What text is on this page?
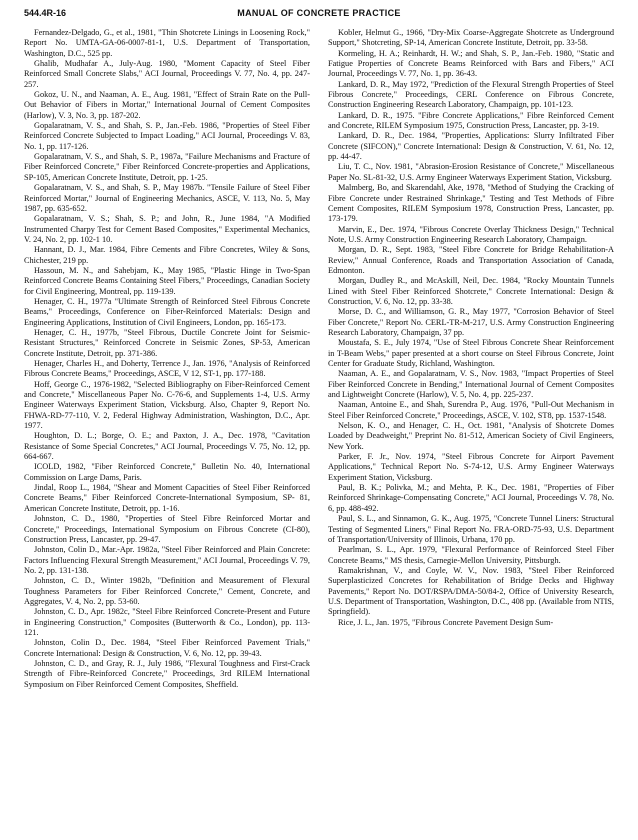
544.4R-16	MANUAL OF CONCRETE PRACTICE

Fernandez-Delgado, G., et al., 1981, "Thin Shotcrete Linings in Loosening Rock," Report No. UMTA-GA-06-0007-81-1, U.S. Department of Transportation, Washington, D.C., 525 pp.

Ghalib, Mudhafar A., July-Aug. 1980, "Moment Capacity of Steel Fiber Reinforced Small Concrete Slabs," ACI Journal, Proceedings V. 77, No. 4, pp. 247-257.

Gokoz, U. N., and Naaman, A. E., Aug. 1981, "Effect of Strain Rate on the Pull-Out Behavior of Fibers in Mortar," International Journal of Cement Composites (Harlow), V. 3, No. 3, pp. 187-202.

Gopalaratnam, V. S., and Shah, S. P., Jan.-Feb. 1986, "Properties of Steel Fiber Reinforced Concrete Subjected to Impact Loading," ACI Journal, Proceedings V. 83, No. 1, pp. 117-126.

Gopalaratnam, V. S., and Shah, S. P., 1987a, "Failure Mechanisms and Fracture of Fiber Reinforced Concrete," Fiber Reinforced Concrete-properties and Applications, SP-105, American Concrete Institute, Detroit, pp. 1-25.

Gopalaratnam, V. S., and Shah, S. P., May 1987b. "Tensile Failure of Steel Fiber Reinforced Mortar," Journal of Engineering Mechanics, ASCE, V. 113, No. 5, May 1987, pp. 635-652.

Gopalaratnam, V. S.; Shah, S. P.; and John, R., June 1984, "A Modified Instrumented Charpy Test for Cement Based Composites," Experimental Mechanics, V. 24, No. 2, pp. 102-1 10.

Hannant, D. J., Mar. 1984, Fibre Cements and Fibre Concretes, Wiley & Sons, Chichester, 219 pp.

Hassoun, M. N., and Sahebjam, K., May 1985, "Plastic Hinge in Two-Span Reinforced Concrete Beams Containing Steel Fibers," Proceedings, Canadian Society for Civil Engineering, Montreal, pp. 119-139.

Henager, C. H., 1977a "Ultimate Strength of Reinforced Steel Fibrous Concrete Beams," Proceedings, Conference on Fiber-Reinforced Materials: Design and Engineering Applications, Institution of Civil Engineers, London, pp. 165-173.

Henager, C. H., 1977b, "Steel Fibrous, Ductile Concrete Joint for Seismic-Resistant Structures," Reinforced Concrete in Seismic Zones, SP-53, American Concrete Institute, Detroit, pp. 371-386.

Henager, Charles H., and Doherty, Terrence J., Jan. 1976, "Analysis of Reinforced Fibrous Concrete Beams," Proceedings, ASCE, V 12, ST-1, pp. 177-188.

Hoff, George C., 1976-1982, "Selected Bibliography on Fiber-Reinforced Cement and Concrete," Miscellaneous Paper No. C-76-6, and Supplements 1-4, U.S. Army Engineer Waterways Experiment Station, Vicksburg. Also, Chapter 9, Report No. FHWA-RD-77-110, V. 2, Federal Highway Administration, Washington, D.C., Apr. 1977.

Houghton, D. L.; Borge, O. E.; and Paxton, J. A., Dec. 1978, "Cavitation Resistance of Some Special Concretes," ACI Journal, Proceedings V. 75, No. 12, pp. 664-667.

ICOLD, 1982, "Fiber Reinforced Concrete," Bulletin No. 40, International Commission on Large Dams, Paris.

Jindal, Roop L., 1984, "Shear and Moment Capacities of Steel Fiber Reinforced Concrete Beams," Fiber Reinforced Concrete-International Symposium, SP- 81, American Concrete Institute, Detroit, pp. 1-16.

Johnston, C. D., 1980, "Properties of Steel Fibre Reinforced Mortar and Concrete," Proceedings, International Symposium on Fibrous Concrete (CI-80), Construction Press, Lancaster, pp. 29-47.

Johnston, Colin D., Mar.-Apr. 1982a, "Steel Fiber Reinforced and Plain Concrete: Factors Influencing Flexural Strength Measurement," ACI Journal, Proceedings V. 79, No. 2, pp. 131-138.

Johnston, C. D., Winter 1982b, "Definition and Measurement of Flexural Toughness Parameters for Fiber Reinforced Concrete," Cement, Concrete, and Aggregates, V. 4, No. 2, pp. 53-60.

Johnston, C. D., Apr. 1982c, "Steel Fibre Reinforced Concrete-Present and Future in Engineering Construction," Composites (Butterworth & Co., London), pp. 113-121.

Johnston, Colin D., Dec. 1984, "Steel Fiber Reinforced Pavement Trials," Concrete International: Design & Construction, V. 6, No. 12, pp. 39-43.

Johnston, C. D., and Gray, R. J., July 1986, "Flexural Toughness and First-Crack Strength of Fibre-Reinforced Concrete," Proceedings, 3rd RILEM International Symposium on Fiber Reinforced Cement Composites, Sheffield.

Kobler, Helmut G., 1966, "Dry-Mix Coarse-Aggregate Shotcrete as Underground Support," Shotcreting, SP-14, American Concrete Institute, Detroit, pp. 33-58.

Kormeling, H. A.; Reinhardt, H. W.; and Shah, S. P., Jan.-Feb. 1980, "Static and Fatigue Properties of Concrete Beams Reinforced with Bars and Fibers," ACI Journal, Proceedings V. 77, No. 1, pp. 36-43.

Lankard, D. R., May 1972, "Prediction of the Flexural Strength Properties of Steel Fibrous Concrete," Proceedings, CERL Conference on Fibrous Concrete, Construction Engineering Research Laboratory, Champaign, pp. 101-123.

Lankard, D. R., 1975. "Fibre Concrete Applications," Fibre Reinforced Cement and Concrete, RILEM Symposium 1975, Construction Press, Lancaster, pp. 3-19.

Lankard, D. R., Dec. 1984, "Properties, Applications: Slurry Infiltrated Fiber Concrete (SIFCON)," Concrete International: Design & Construction, V. 61, No. 12, pp. 44-47.

Liu, T. C., Nov. 1981, "Abrasion-Erosion Resistance of Concrete," Miscellaneous Paper No. SL-81-32, U.S. Army Engineer Waterways Experiment Station, Vicksburg.

Malmberg, Bo, and Skarendahl, Ake, 1978, "Method of Studying the Cracking of Fibre Concrete under Restrained Shrinkage," Testing and Test Methods of Fibre Cement Composites, RILEM Symposium 1978, Construction Press, Lancaster, pp. 173-179.

Marvin, E., Dec. 1974, "Fibrous Concrete Overlay Thickness Design," Technical Note, U.S. Army Construction Engineering Research Laboratory, Champaign.

Morgan, D. R., Sept. 1983, "Steel Fibre Concrete for Bridge Rehabilitation-A Review," Annual Conference, Roads and Transportation Association of Canada, Edmonton.

Morgan, Dudley R., and McAskill, Neil, Dec. 1984, "Rocky Mountain Tunnels Lined with Steel Fiber Reinforced Shotcrete," Concrete International: Design & Construction, V. 6, No. 12, pp. 33-38.

Morse, D. C., and Williamson, G. R., May 1977, "Corrosion Behavior of Steel Fiber Concrete," Report No. CERL-TR-M-217, U.S. Army Construction Engineering Research Laboratory, Champaign, 37 pp.

Moustafa, S. E., July 1974, "Use of Steel Fibrous Concrete Shear Reinforcement in T-Beam Webs," paper presented at a short course on Steel Fibrous Concrete, Joint Center for Graduate Study, Richland, Washington.

Naaman, A. E., and Gopalaratnam, V. S., Nov. 1983, "Impact Properties of Steel Fiber Reinforced Concrete in Bending," International Journal of Cement Composites and Lightweight Concrete (Harlow), V. 5, No. 4, pp. 225-237.

Naaman, Antoine E., and Shah, Surendra P., Aug. 1976, "Pull-Out Mechanism in Steel Fiber Reinforced Concrete," Proceedings, ASCE, V. 102, ST8, pp. 1537-1548.

Nelson, K. O., and Henager, C. H., Oct. 1981, "Analysis of Shotcrete Domes Loaded by Deadweight," Preprint No. 81-512, American Society of Civil Engineers, New York.

Parker, F. Jr., Nov. 1974, "Steel Fibrous Concrete for Airport Pavement Applications," Technical Report No. S-74-12, U.S. Army Engineer Waterways Experiment Station, Vicksburg.

Paul, B. K.; Polivka, M.; and Mehta, P. K., Dec. 1981, "Properties of Fiber Reinforced Shrinkage-Compensating Concrete," ACI Journal, Proceedings V. 78, No. 6, pp. 488-492.

Paul, S. L., and Sinnamon, G. K., Aug. 1975, "Concrete Tunnel Liners: Structural Testing of Segmented Liners," Final Report No. FRA-ORD-75-93, U.S. Department of Transportation/University of Illinois, Urbana, 170 pp.

Pearlman, S. L., Apr. 1979, "Flexural Performance of Reinforced Steel Fiber Concrete Beams," MS thesis, Carnegie-Mellon University, Pittsburgh.

Ramakrishnan, V., and Coyle, W. V., Nov. 1983, "Steel Fiber Reinforced Superplasticized Concretes for Rehabilitation of Bridge Decks and Highway Pavements," Report No. DOT/RSPA/DMA-50/84-2, Office of University Research, U.S. Department of Transportation, Washington, D.C., 408 pp. (Available from NTIS, Springfield).

Rice, J. L., Jan. 1975, "Fibrous Concrete Pavement Design Sum-
